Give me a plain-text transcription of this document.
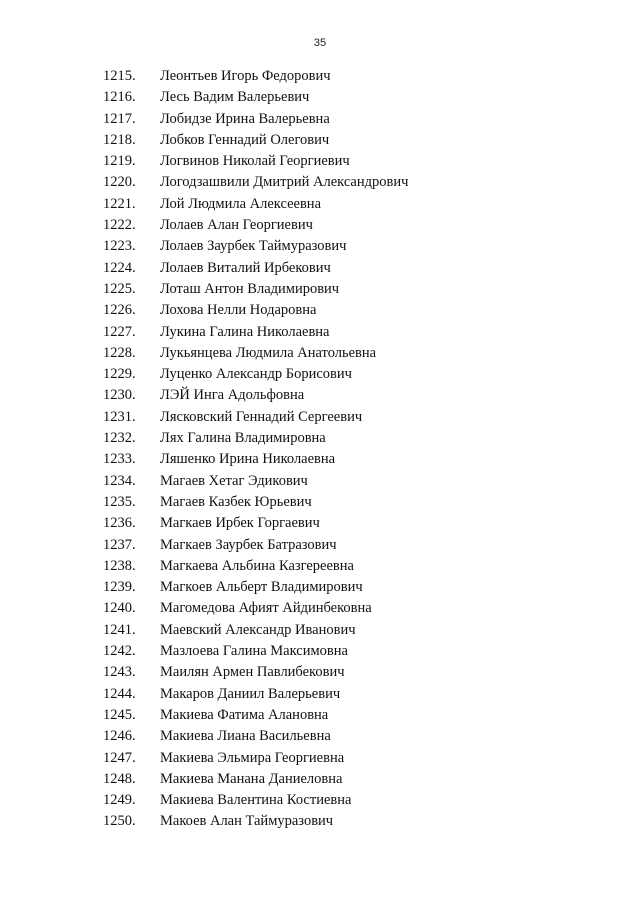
35
1215.	Леонтьев Игорь Федорович
1216.	Лесь Вадим Валерьевич
1217.	Лобидзе Ирина Валерьевна
1218.	Лобков Геннадий Олегович
1219.	Логвинов Николай Георгиевич
1220.	Логодзашвили Дмитрий Александрович
1221.	Лой Людмила Алексеевна
1222.	Лолаев Алан Георгиевич
1223.	Лолаев Заурбек Таймуразович
1224.	Лолаев Виталий Ирбекович
1225.	Лоташ Антон Владимирович
1226.	Лохова Нелли Нодаровна
1227.	Лукина Галина Николаевна
1228.	Лукьянцева Людмила Анатольевна
1229.	Луценко Александр Борисович
1230.	ЛЭЙ Инга Адольфовна
1231.	Лясковский Геннадий Сергеевич
1232.	Лях Галина Владимировна
1233.	Ляшенко Ирина Николаевна
1234.	Магаев Хетаг Эдикович
1235.	Магаев Казбек Юрьевич
1236.	Магкаев Ирбек Горгаевич
1237.	Магкаев Заурбек Батразович
1238.	Магкаева Альбина Казгереевна
1239.	Магкоев Альберт Владимирович
1240.	Магомедова Афият Айдинбековна
1241.	Маевский Александр Иванович
1242.	Мазлоева Галина Максимовна
1243.	Маилян Армен Павлибекович
1244.	Макаров Даниил Валерьевич
1245.	Макиева Фатима Алановна
1246.	Макиева Лиана Васильевна
1247.	Макиева Эльмира Георгиевна
1248.	Макиева Манана Даниеловна
1249.	Макиева Валентина Костиевна
1250.	Макоев Алан Таймуразович
